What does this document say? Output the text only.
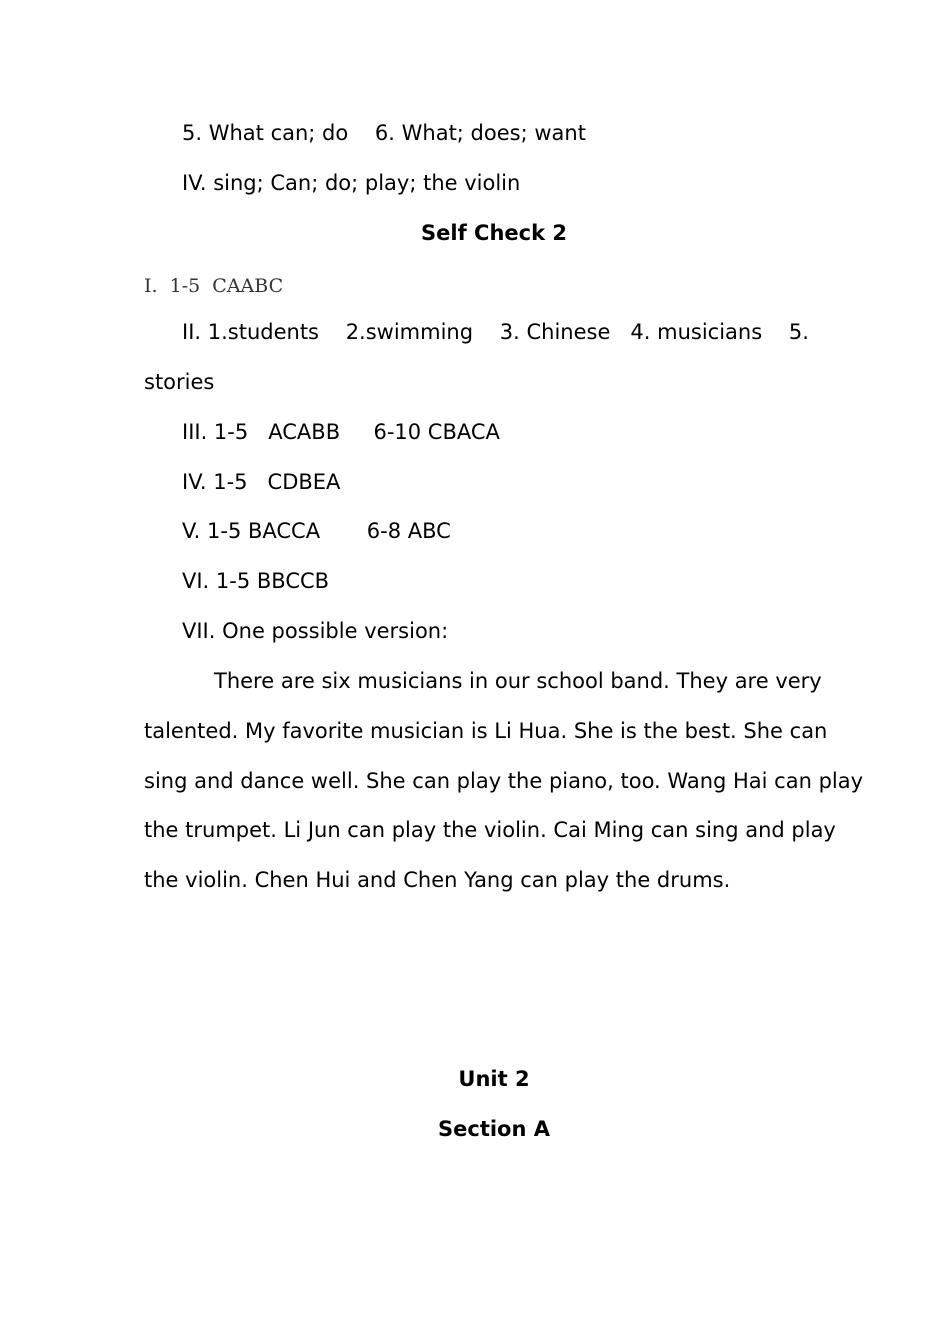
5. What can; do    6. What; does; want
IV. sing; Can; do; play; the violin
Self Check 2
I.  1-5  CAABC
II. 1.students    2.swimming    3. Chinese   4. musicians    5.
stories
III. 1-5   ACABB     6-10 CBACA
IV. 1-5   CDBEA
V. 1-5 BACCA       6-8 ABC
VI. 1-5 BBCCB
VII. One possible version:
There are six musicians in our school band. They are very
talented. My favorite musician is Li Hua. She is the best. She can
sing and dance well. She can play the piano, too. Wang Hai can play
the trumpet. Li Jun can play the violin. Cai Ming can sing and play
the violin. Chen Hui and Chen Yang can play the drums.
Unit 2
Section A
